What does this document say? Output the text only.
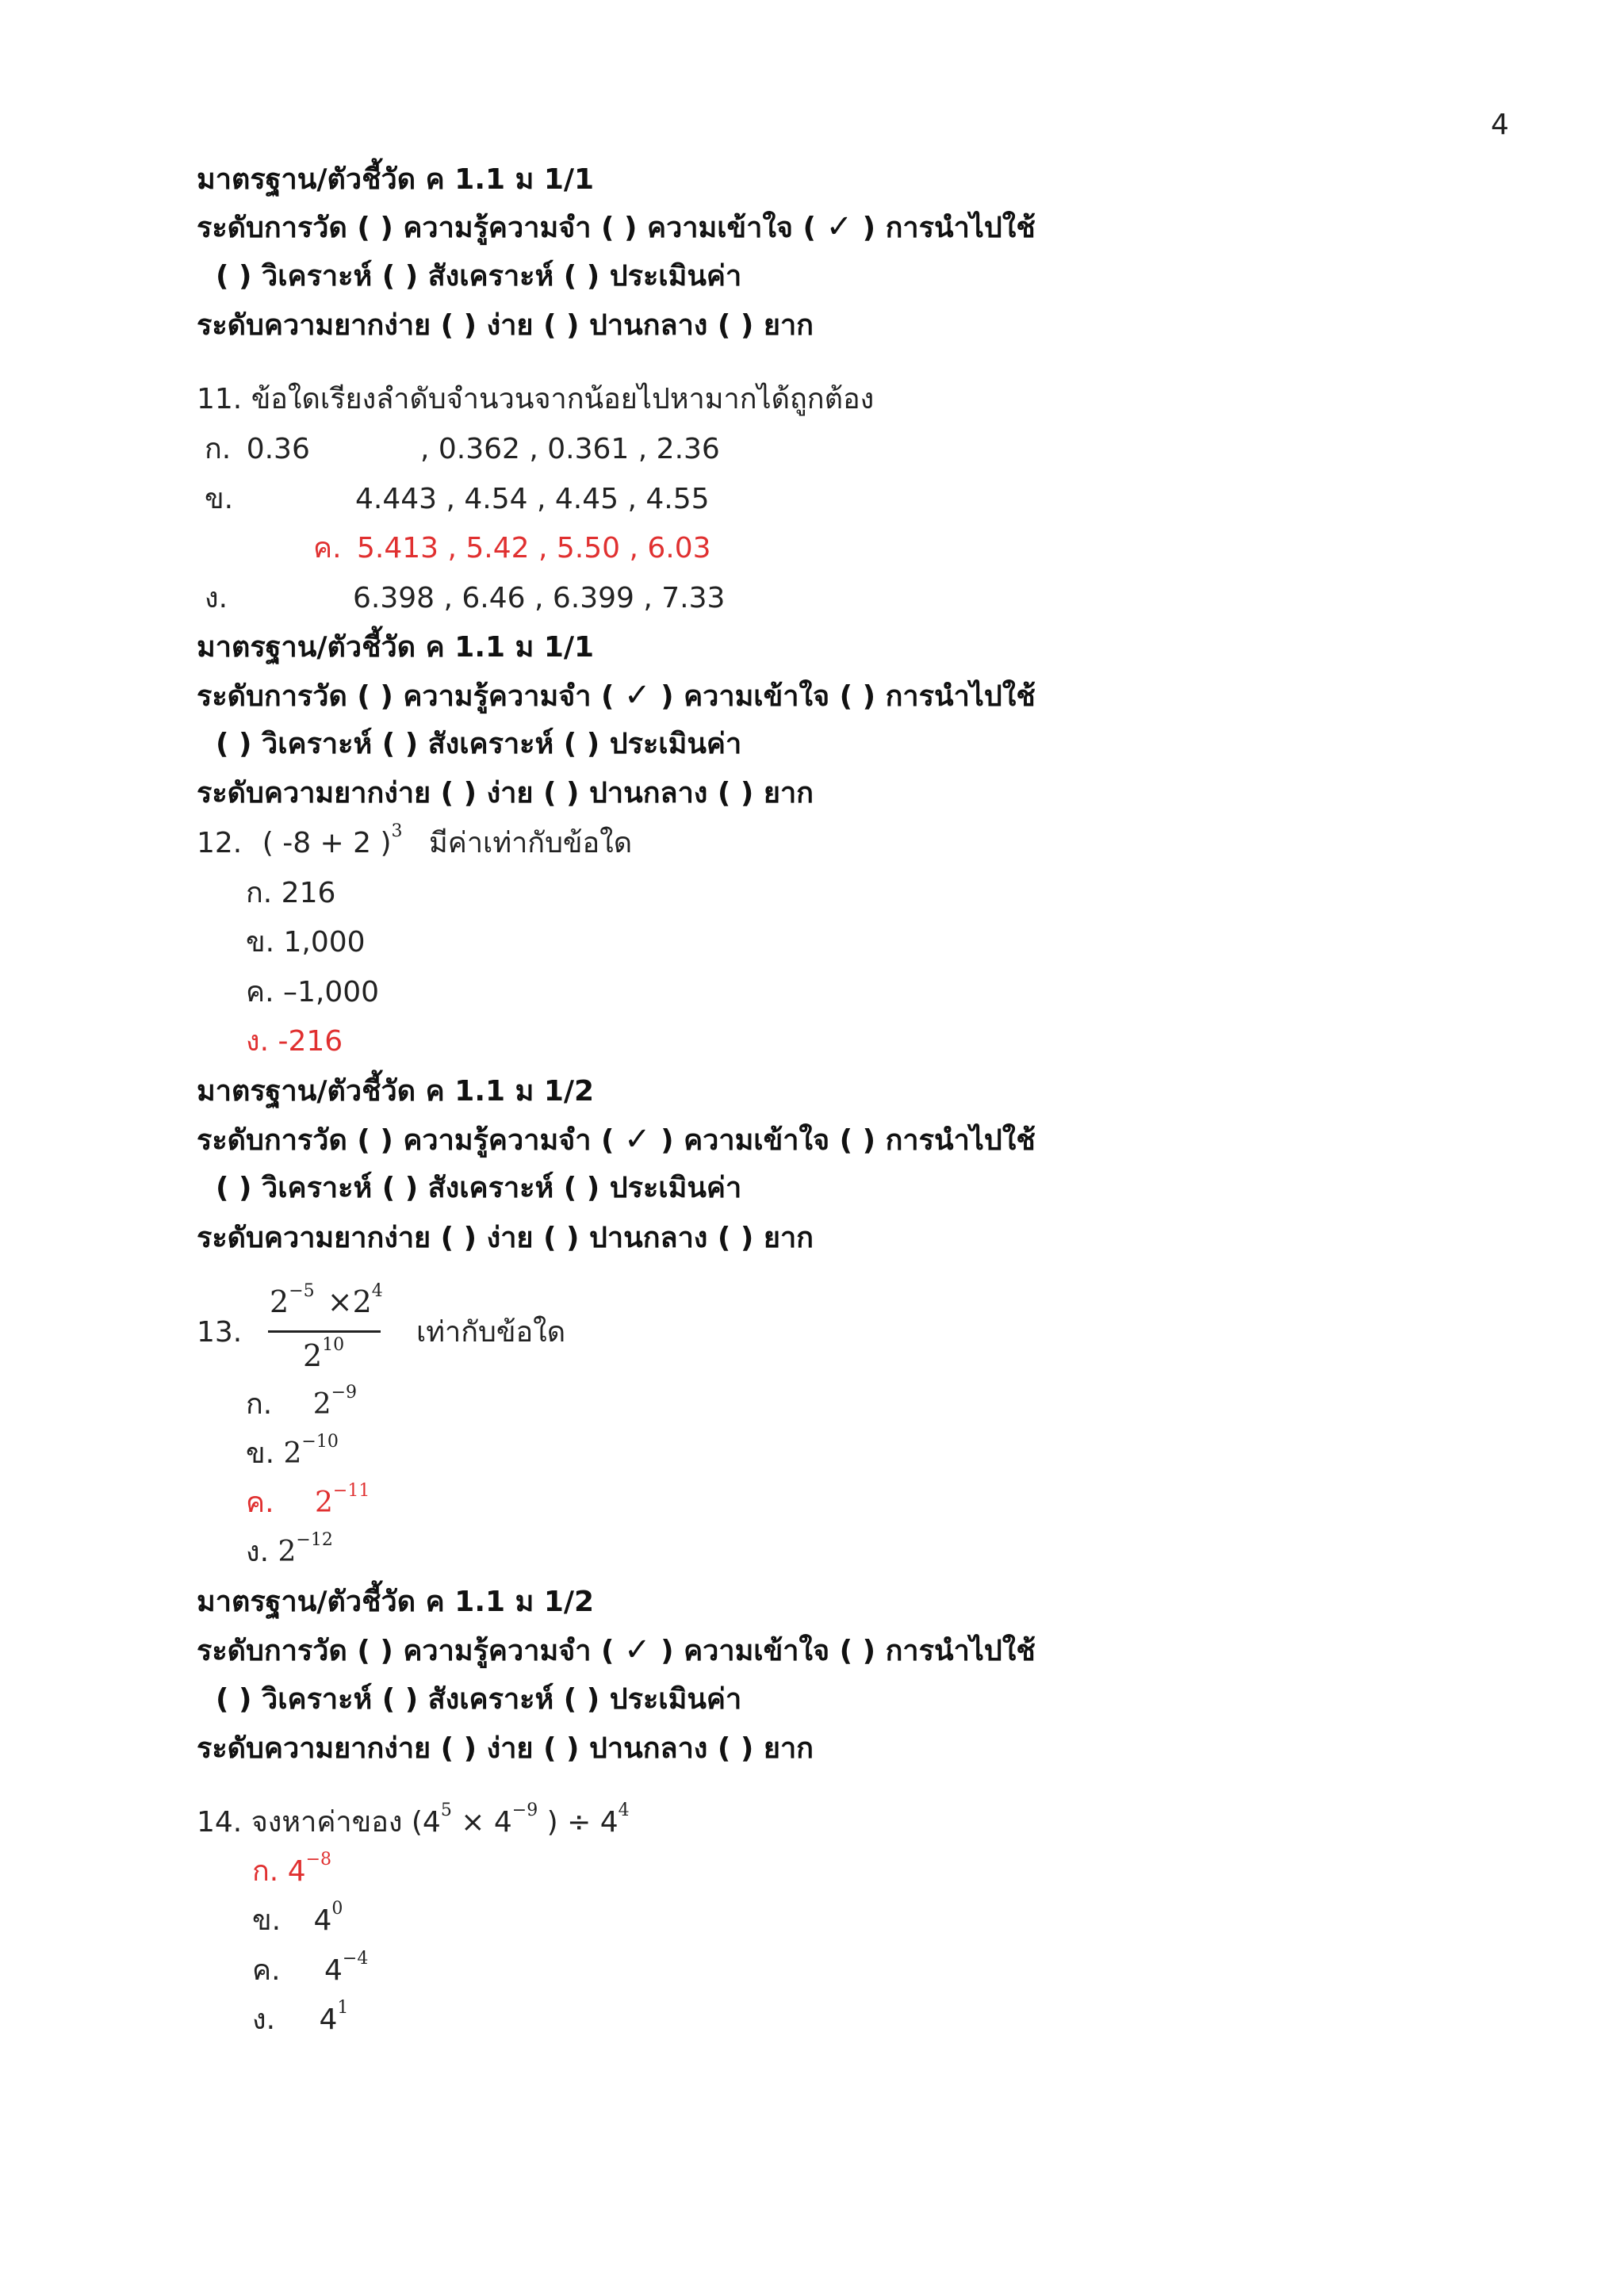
4
มาตรฐาน/ตัวชี้วัด ค 1.1 ม 1/1
ระดับการวัด ( ) ความรู้ความจำ ( ) ความเข้าใจ ( ✓ ) การนำไปใช้
( ) วิเคราะห์ ( ) สังเคราะห์ ( ) ประเมินค่า
ระดับความยากง่าย ( ) ง่าย ( ) ปานกลาง ( ) ยาก
11. ข้อใดเรียงลำดับจำนวนจากน้อยไปหามากได้ถูกต้อง
ก. 0.36	, 0.362 , 0.361 , 2.36
ข.	4.443 , 4.54 , 4.45 , 4.55
ค. 5.413 , 5.42 , 5.50 , 6.03
ง.	6.398 , 6.46 , 6.399 , 7.33
มาตรฐาน/ตัวชี้วัด ค 1.1 ม 1/1
ระดับการวัด ( ) ความรู้ความจำ ( ✓ ) ความเข้าใจ ( ) การนำไปใช้
( ) วิเคราะห์ ( ) สังเคราะห์ ( ) ประเมินค่า
ระดับความยากง่าย ( ) ง่าย ( ) ปานกลาง ( ) ยาก
12. ( -8 + 2 )$^3$ มีค่าเท่ากับข้อใด
ก. 216
ข. 1,000
ค. –1,000
ง. -216
มาตรฐาน/ตัวชี้วัด ค 1.1 ม 1/2
ระดับการวัด ( ) ความรู้ความจำ ( ✓ ) ความเข้าใจ ( ) การนำไปใช้
( ) วิเคราะห์ ( ) สังเคราะห์ ( ) ประเมินค่า
ระดับความยากง่าย ( ) ง่าย ( ) ปานกลาง ( ) ยาก
13.
$2^{-5} \times 2^4$
$2^{10}$	เท่ากับข้อใด
ก. $2^{-9}$
ข. $2^{-10}$
ค. $2^{-11}$
ง. $2^{-12}$
มาตรฐาน/ตัวชี้วัด ค 1.1 ม 1/2
ระดับการวัด ( ) ความรู้ความจำ ( ✓ ) ความเข้าใจ ( ) การนำไปใช้
( ) วิเคราะห์ ( ) สังเคราะห์ ( ) ประเมินค่า
ระดับความยากง่าย ( ) ง่าย ( ) ปานกลาง ( ) ยาก
14. จงหาค่าของ ($4^5 \times 4^{-9}$ ) ÷ $4^4$
ก. $4^{-8}$
ข. $4^0$
ค. $4^{-4}$
ง. $4^1$
